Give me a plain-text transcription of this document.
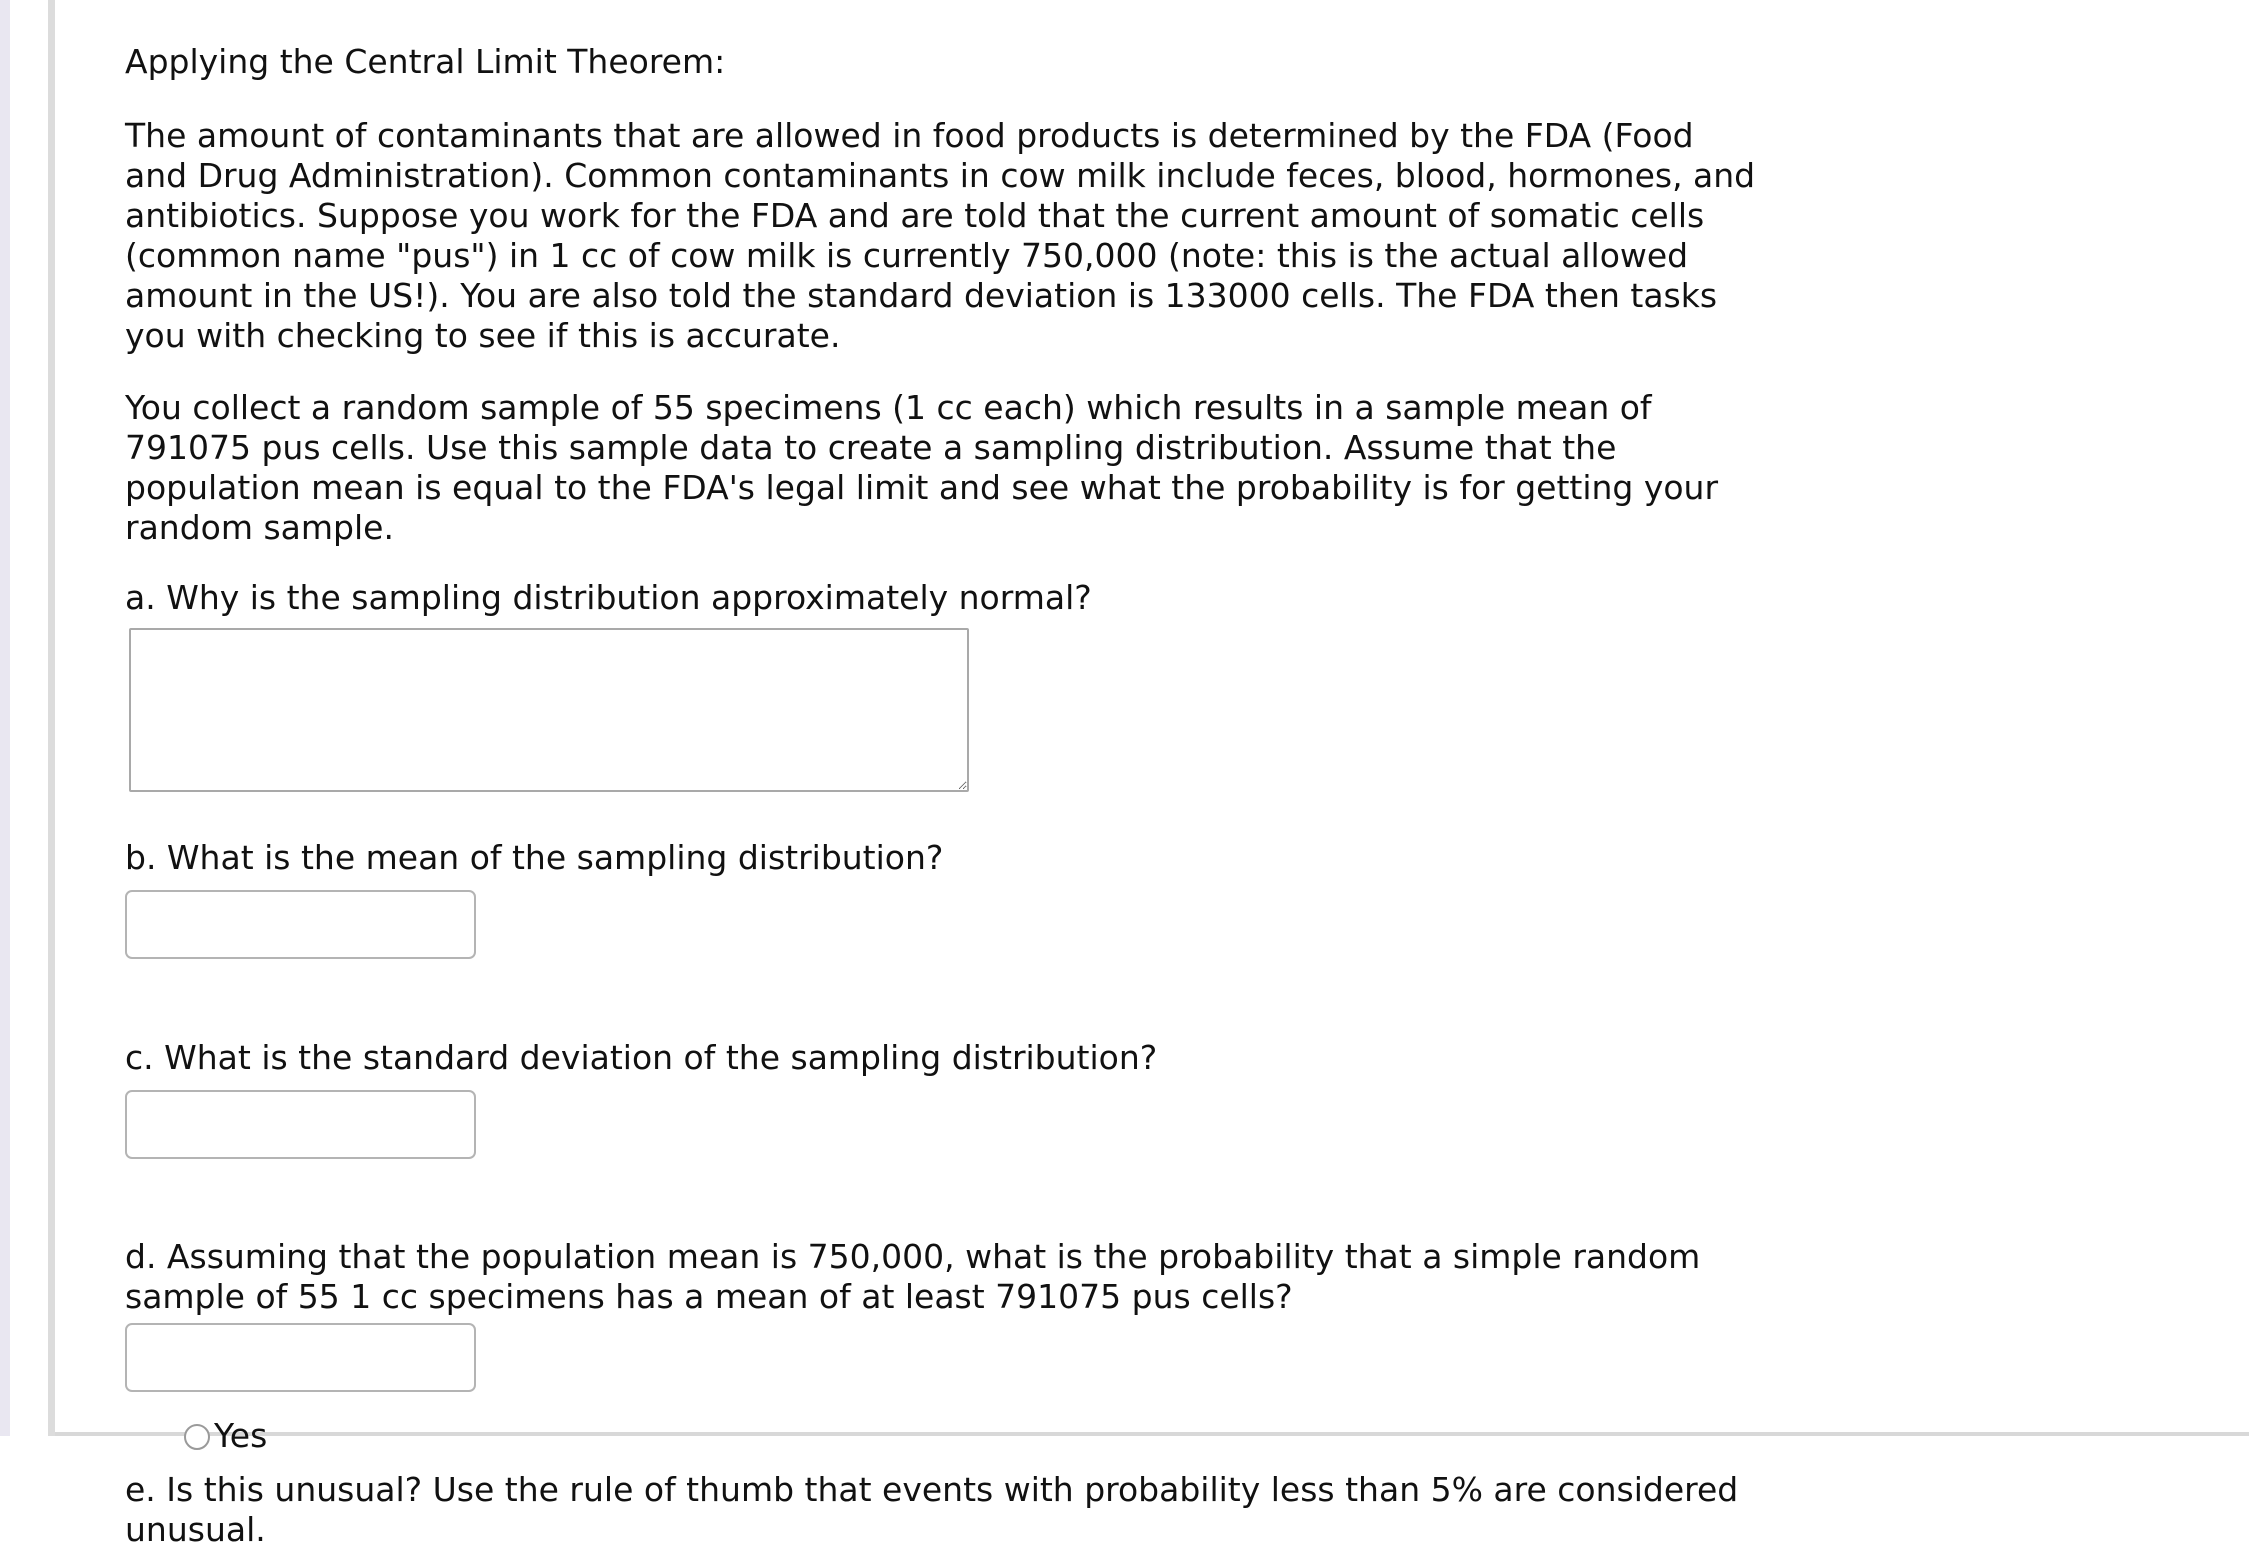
Applying the Central Limit Theorem:

The amount of contaminants that are allowed in food products is determined by the FDA (Food and Drug Administration). Common contaminants in cow milk include feces, blood, hormones, and antibiotics. Suppose you work for the FDA and are told that the current amount of somatic cells (common name "pus") in 1 cc of cow milk is currently 750,000 (note: this is the actual allowed amount in the US!). You are also told the standard deviation is 133000 cells. The FDA then tasks you with checking to see if this is accurate.

You collect a random sample of 55 specimens (1 cc each) which results in a sample mean of 791075 pus cells. Use this sample data to create a sampling distribution. Assume that the population mean is equal to the FDA's legal limit and see what the probability is for getting your random sample.

a. Why is the sampling distribution approximately normal?

b. What is the mean of the sampling distribution?

c. What is the standard deviation of the sampling distribution?

d. Assuming that the population mean is 750,000, what is the probability that a simple random sample of 55 1 cc specimens has a mean of at least 791075 pus cells?

e. Is this unusual? Use the rule of thumb that events with probability less than 5% are considered unusual.

Yes
